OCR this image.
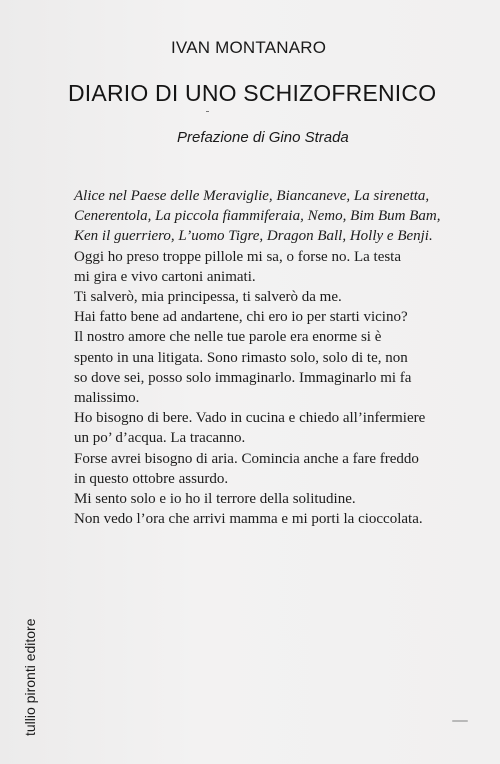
IVAN MONTANARO
DIARIO DI UNO SCHIZOFRENICO
Prefazione di Gino Strada
Alice nel Paese delle Meraviglie, Biancaneve, La sirenetta,
Cenerentola, La piccola fiammiferaia, Nemo, Bim Bum Bam,
Ken il guerriero, L’uomo Tigre, Dragon Ball, Holly e Benji.
Oggi ho preso troppe pillole mi sa, o forse no. La testa
mi gira e vivo cartoni animati.
Ti salverò, mia principessa, ti salverò da me.
Hai fatto bene ad andartene, chi ero io per starti vicino?
Il nostro amore che nelle tue parole era enorme si è
spento in una litigata. Sono rimasto solo, solo di te, non
so dove sei, posso solo immaginarlo. Immaginarlo mi fa
malissimo.
Ho bisogno di bere. Vado in cucina e chiedo all’infermiere
un po’ d’acqua. La tracanno.
Forse avrei bisogno di aria. Comincia anche a fare freddo
in questo ottobre assurdo.
Mi sento solo e io ho il terrore della solitudine.
Non vedo l’ora che arrivi mamma e mi porti la cioccolata.
tullio pironti editore
